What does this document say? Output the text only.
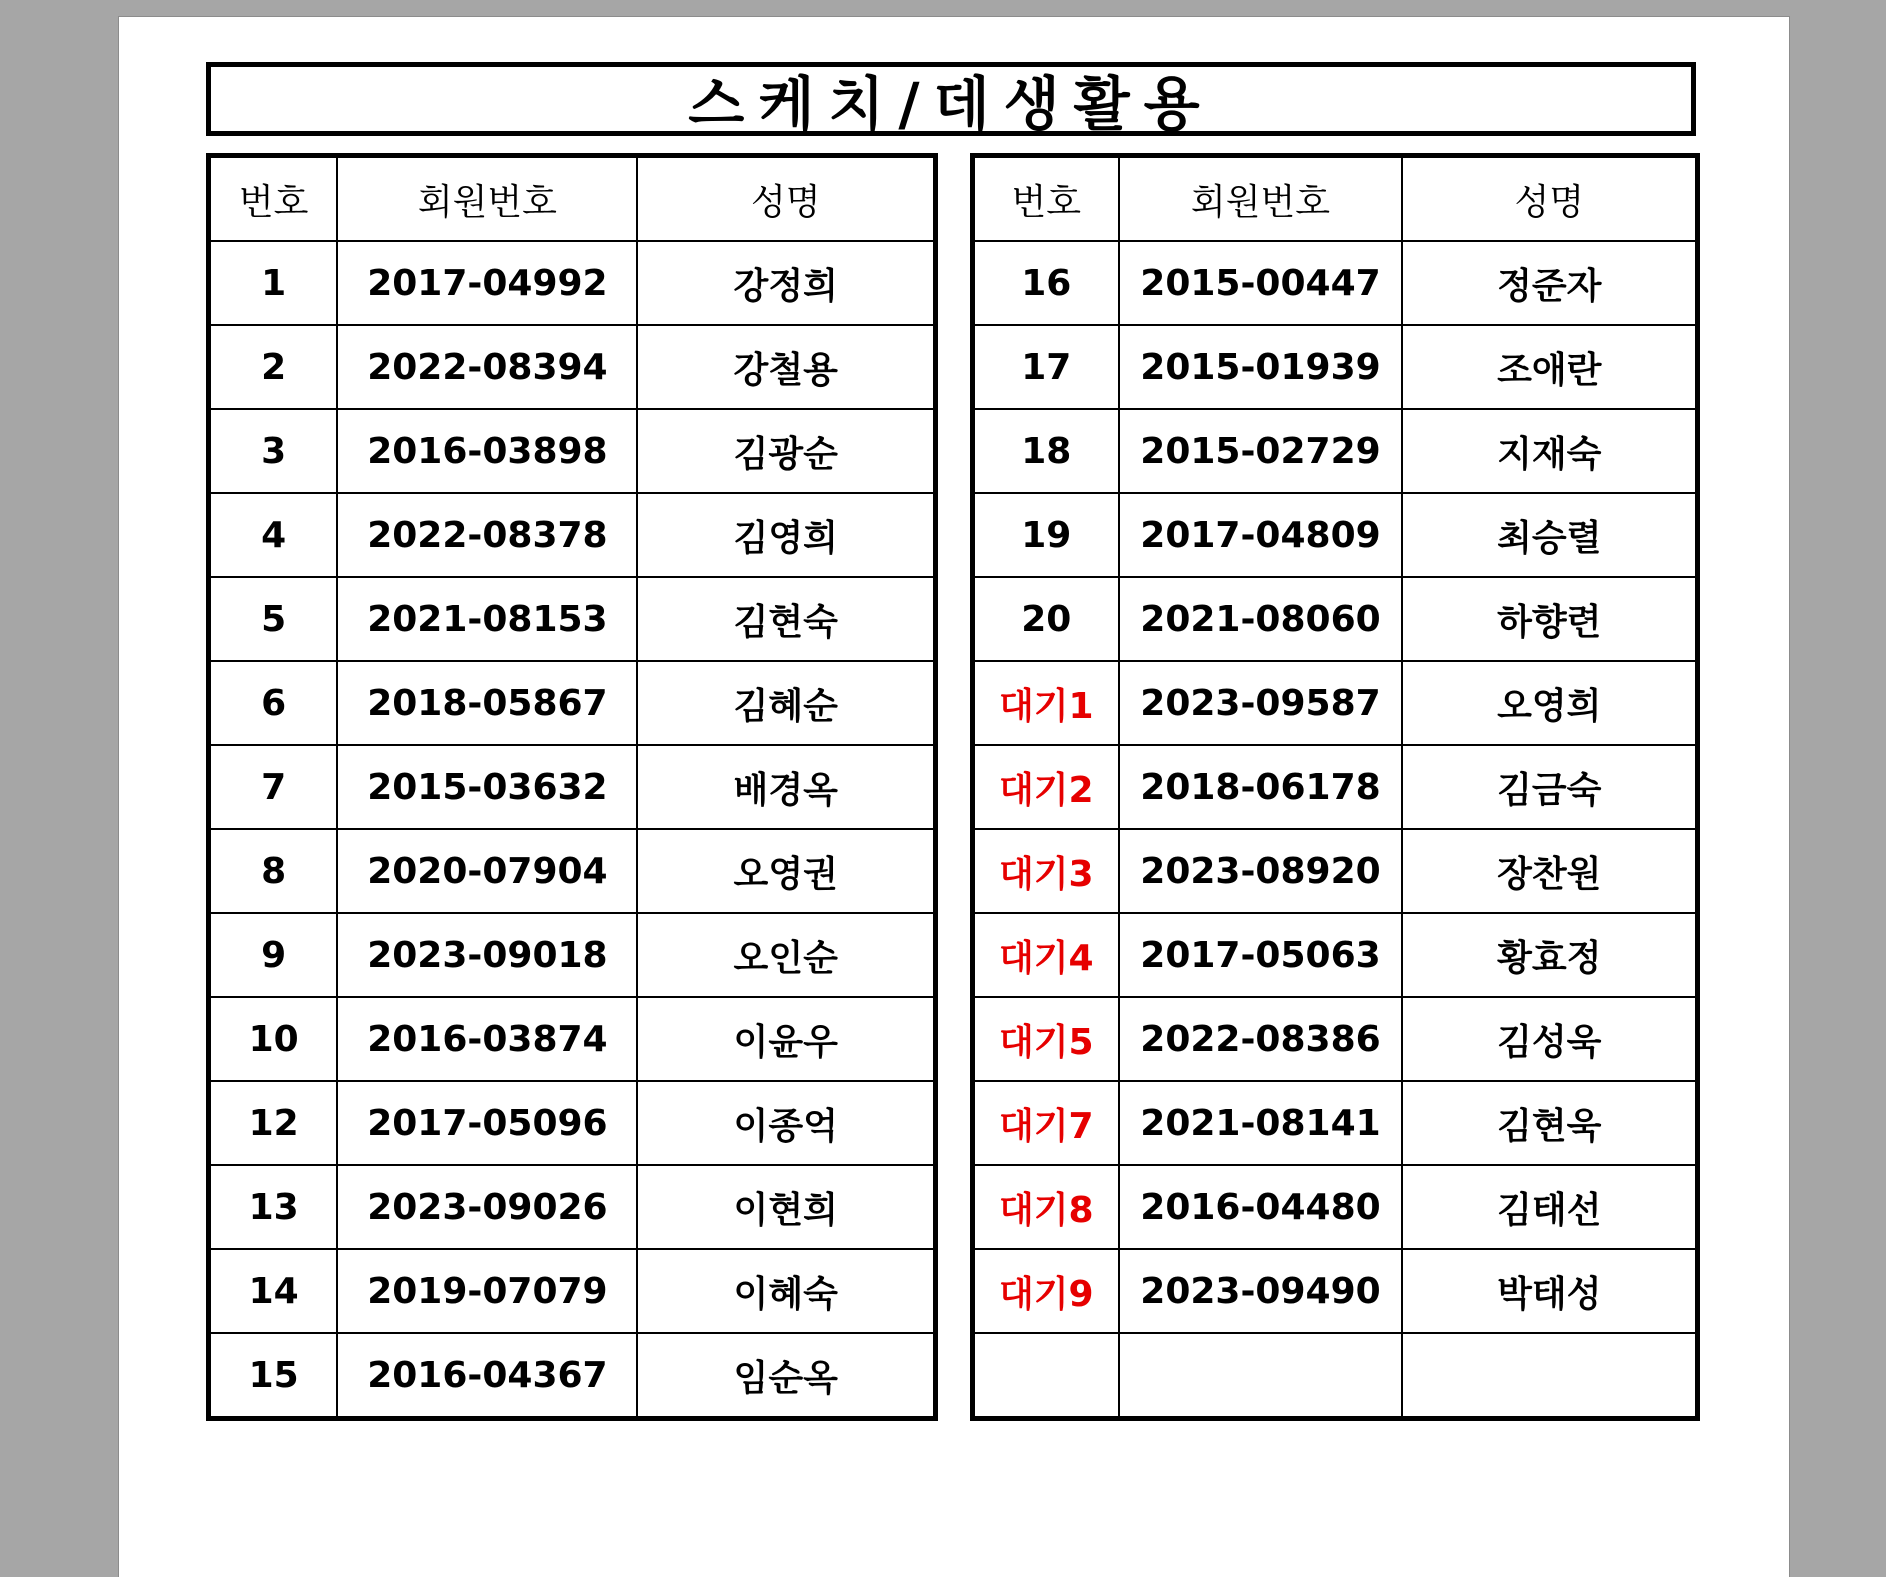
스케치/데생활용
번호	회원번호	성명
1	2017-04992	강정희
2	2022-08394	강철용
3	2016-03898	김광순
4	2022-08378	김영희
5	2021-08153	김현숙
6	2018-05867	김혜순
7	2015-03632	배경옥
8	2020-07904	오영권
9	2023-09018	오인순
10	2016-03874	이윤우
12	2017-05096	이종억
13	2023-09026	이현희
14	2019-07079	이혜숙
15	2016-04367	임순옥
번호	회원번호	성명
16	2015-00447	정준자
17	2015-01939	조애란
18	2015-02729	지재숙
19	2017-04809	최승렬
20	2021-08060	하향련
대기1	2023-09587	오영희
대기2	2018-06178	김금숙
대기3	2023-08920	장찬원
대기4	2017-05063	황효정
대기5	2022-08386	김성욱
대기7	2021-08141	김현욱
대기8	2016-04480	김태선
대기9	2023-09490	박태성
